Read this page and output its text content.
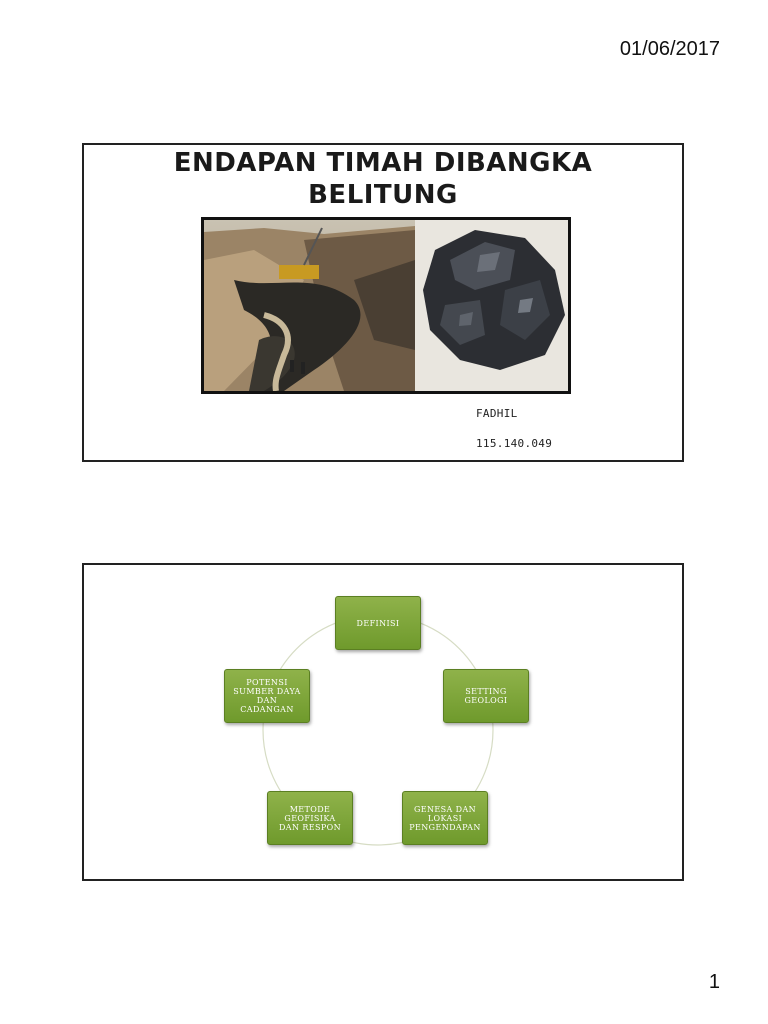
01/06/2017
ENDAPAN TIMAH DIBANGKA
BELITUNG
FADHIL
115.140.049
DEFINISI
SETTING
GEOLOGI
GENESA DAN
LOKASI
PENGENDAPAN
METODE
GEOFISIKA
DAN RESPON
POTENSI
SUMBER DAYA
DAN
CADANGAN
1
